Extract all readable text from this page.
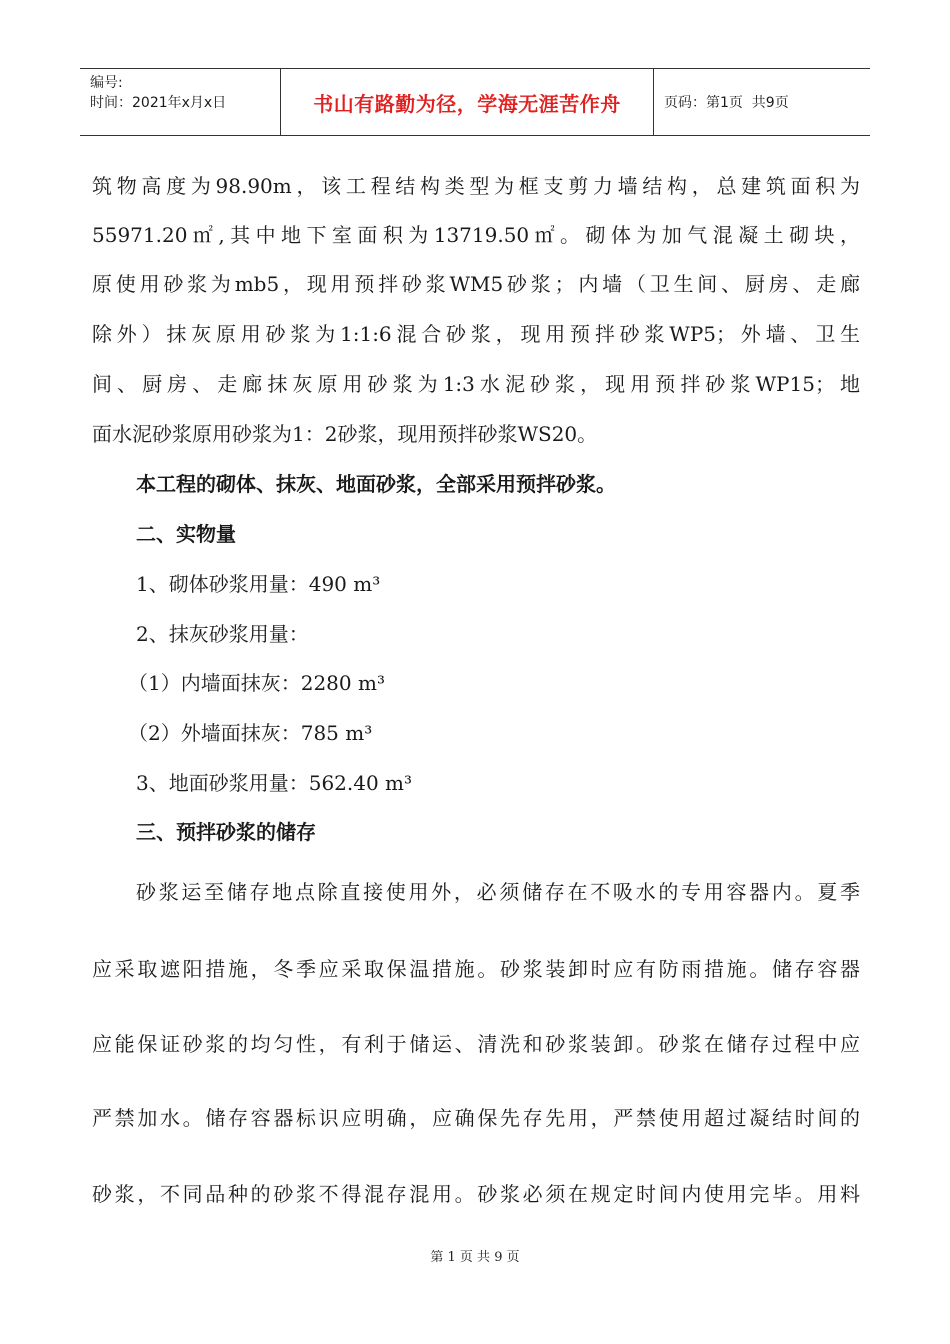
编号:
时间：2021年x月x日	书山有路勤为径，学海无涯苦作舟	页码：第1页  共9页
筑物高度为98.90m，该工程结构类型为框支剪力墙结构，总建筑面积为
55971.20㎡,其中地下室面积为13719.50㎡。砌体为加气混凝土砌块，
原使用砂浆为mb5，现用预拌砂浆WM5砂浆；内墙（卫生间、厨房、走廊
除外）抹灰原用砂浆为1:1:6混合砂浆，现用预拌砂浆WP5；外墙、卫生
间、厨房、走廊抹灰原用砂浆为1:3水泥砂浆，现用预拌砂浆WP15；地
面水泥砂浆原用砂浆为1：2砂浆，现用预拌砂浆WS20。
本工程的砌体、抹灰、地面砂浆，全部采用预拌砂浆。
二、实物量
1、砌体砂浆用量：490 m³
2、抹灰砂浆用量：
（1）内墙面抹灰：2280 m³
（2）外墙面抹灰：785 m³
3、地面砂浆用量：562.40 m³
三、预拌砂浆的储存
砂浆运至储存地点除直接使用外，必须储存在不吸水的专用容器内。夏季
应采取遮阳措施，冬季应采取保温措施。砂浆装卸时应有防雨措施。储存容器
应能保证砂浆的均匀性，有利于储运、清洗和砂浆装卸。砂浆在储存过程中应
严禁加水。储存容器标识应明确，应确保先存先用，严禁使用超过凝结时间的
砂浆，不同品种的砂浆不得混存混用。砂浆必须在规定时间内使用完毕。用料
第 1 页 共 9 页
